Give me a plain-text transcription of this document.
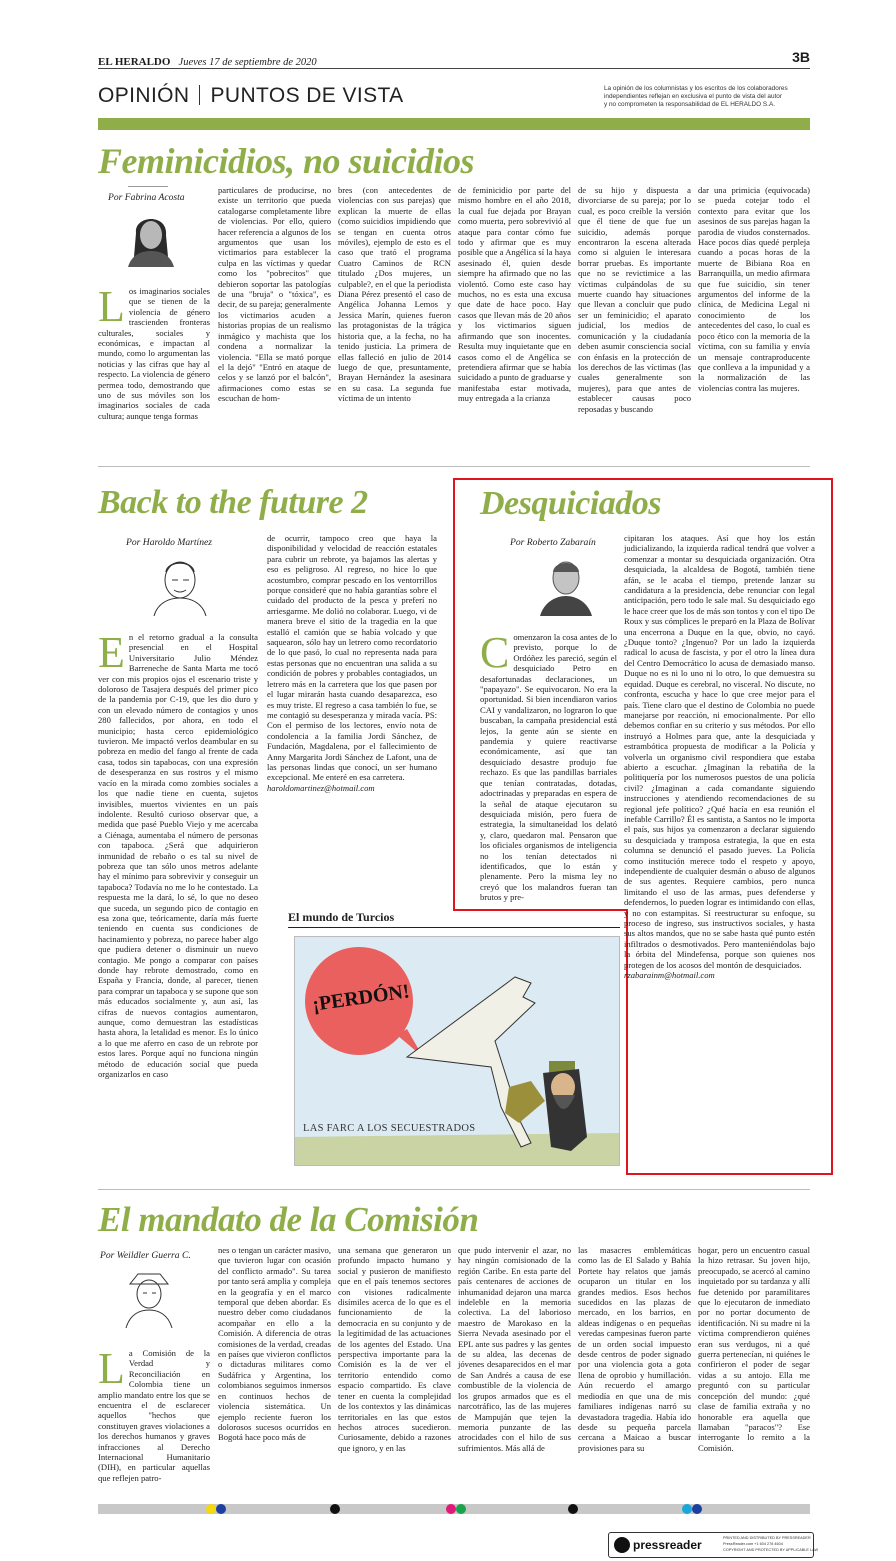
EL HERALDO Jueves 17 de septiembre de 2020	3B
OPINIÓN PUNTOS DE VISTA	La opinión de los columnistas y los escritos de los colaboradores
independientes reflejan en exclusiva el punto de vista del autor
y no comprometen la responsabilidad de EL HERALDO S.A.
Feminicidios, no suicidios
Por Fabrina Acosta
Los imaginarios sociales que se tienen de la violencia de género trascienden fronteras culturales, sociales y económicas, e impactan al mundo, como lo argumentan las noticias y las cifras que hay al respecto. La violencia de género permea todo, demostrando que uno de sus móviles son los imaginarios sociales de cada cultura; aunque tenga formas

particulares de producirse, no existe un territorio que pueda catalogarse completamente libre de violencias. Por ello, quiero hacer referencia a algunos de los argumentos que usan los victimarios para establecer la culpa en las víctimas y quedar como los "pobrecitos" que debieron soportar las patologías de una "bruja" o "tóxica", es decir, de su pareja; generalmente los victimarios acuden a historias propias de un realismo inmágico y machista que los condena a normalizar la violencia. "Ella se mató porque el la dejó" "Entró en ataque de celos y se lanzó por el balcón", afirmaciones como estas se escuchan de hom-

bres (con antecedentes de violencias con sus parejas) que explican la muerte de ellas (como suicidios impidiendo que se tengan en cuenta otros móviles), ejemplo de esto es el caso que trató el programa Cuatro Caminos de RCN titulado ¿Dos mujeres, un culpable?, en el que la periodista Diana Pérez presentó el caso de Angélica Johanna Lemos y Jessica Marín, quienes fueron las protagonistas de la trágica historia que, a la fecha, no ha tenido justicia. La primera de ellas falleció en julio de 2014 luego de que, presuntamente, Brayan Hernández la asesinara en su casa. La segunda fue víctima de un intento

de feminicidio por parte del mismo hombre en el año 2018, la cual fue dejada por Brayan como muerta, pero sobrevivió al ataque para contar cómo fue todo y afirmar que es muy posible que a Angélica sí la haya asesinado él, quien desde siempre ha afirmado que no las violentó. Como este caso hay muchos, no es esta una excusa que date de hace poco. Hay casos que llevan más de 20 años y los victimarios siguen afirmando que son inocentes. Resulta muy inquietante que en casos como el de Angélica se pretendiera afirmar que se había suicidado a punto de graduarse y manifestaba estar motivada, muy entregada a la crianza

de su hijo y dispuesta a divorciarse de su pareja; por lo cual, es poco creíble la versión que él tiene de que fue un suicidio, además porque encontraron la escena alterada como si alguien le interesara borrar pruebas. Es importante que no se revictimice a las víctimas culpándolas de su muerte cuando hay situaciones que llevan a concluir que pudo ser un feminicidio; el aparato judicial, los medios de comunicación y la ciudadanía deben asumir consciencia social con énfasis en la protección de los derechos de las víctimas (las cuales generalmente son mujeres), para que antes de establecer causas poco reposadas y buscando

dar una primicia (equivocada) se pueda cotejar todo el contexto para evitar que los asesinos de sus parejas hagan la parodia de viudos consternados. Hace pocos días quedé perpleja cuando a pocas horas de la muerte de Bibiana Roa en Barranquilla, un medio afirmara que fue suicidio, sin tener argumentos del informe de la clínica, de Medicina Legal ni conocimiento de los antecedentes del caso, lo cual es poco ético con la memoria de la víctima, con su familia y envía un mensaje contraproducente que conlleva a la impunidad y a la normalización de las violencias contra las mujeres.

Back to the future 2
Por Haroldo Martínez
En el retorno gradual a la consulta presencial en el Hospital Universitario Julio Méndez Barreneche de Santa Marta me tocó ver con mis propios ojos el escenario triste y doloroso de Tasajera después del primer pico de la pandemia por C-19, que les dio duro y con un elevado número de contagios y unos 280 fallecidos, por ahora, en todo el municipio; hasta cerco epidemiológico tuvieron. Me impactó verlos deambular en su pobreza en medio del fango al frente de cada casa, todos sin tapabocas, con una expresión de desesperanza en sus rostros y el mismo vacío en la mirada como zombies sociales a los que nadie tiene en cuenta, sujetos invisibles, muertos vivientes en un país indolente. Resultó curioso observar que, a medida que pasé Pueblo Viejo y me acercaba a Ciénaga, aumentaba el número de personas con tapaboca. ¿Será que adquirieron inmunidad de rebaño o es tal su nivel de pobreza que tan sólo unos metros adelante hay el mínimo para sobrevivir y conseguir un tapaboca? Todavía no me lo he contestado. La respuesta me la dará, lo sé, lo que no deseo que suceda, un segundo pico de contagio en esa zona que, teóricamente, daría más fuerte teniendo en cuenta sus condiciones de hacinamiento y pobreza, no parece haber algo que pudiera detener o disminuir un nuevo contagio. Me pongo a comparar con países donde hay rebrote demostrado, como en España y Francia, donde, al parecer, tienen para comprar un tapaboca y se supone que son más educados socialmente y, aun así, las cifras de nuevos contagios aumentaron, aunque, como demuestran las estadísticas hasta ahora, la letalidad es menor. Es lo único a lo que me aferro en caso de un rebrote por estos lares. Porque aquí no funciona ningún método de educación social que pueda organizarlos en caso

de ocurrir, tampoco creo que haya la disponibilidad y velocidad de reacción estatales para cubrir un rebrote, ya bajamos las alertas y eso es peligroso. Al regreso, no hice lo que acostumbro, comprar pescado en los ventorrillos porque consideré que no había garantías sobre el cuidado del producto de la pesca y preferí no arriesgarme. Me dolió no colaborar. Luego, vi de manera breve el sitio de la tragedia en la que estalló el camión que se había volcado y que saquearon, sólo hay un letrero como recordatorio de lo que pasó, lo cual no representa nada para estas personas que no encuentran una salida a su condición de pobres y probables contagiados, un letrero más en la carretera que los que pasen por el lugar mirarán hasta cuando desaparezca, eso es muy triste. El regreso a casa también lo fue, se me contagió su desesperanza y mirada vacía. PS: Con el permiso de los lectores, envío nota de condolencia a la familia Jordi Sánchez, de Fundación, Magdalena, por el fallecimiento de Anny Margarita Jordi Sánchez de Lafont, una de las personas lindas que conocí, un ser humano excepcional. Me enteré en esa carretera.

haroldomartinez@hotmail.com

El mundo de Turcios
¡PERDÓN!
LAS FARC A LOS SECUESTRADOS
Desquiciados
Por Roberto Zabaraín
Comenzaron la cosa antes de lo previsto, porque lo de Ordóñez les pareció, según el desquiciado Petro en desafortunadas declaraciones, un "papayazo". Se equivocaron. No era la oportunidad. Si bien incendiaron varios CAI y vandalizaron, no lograron lo que buscaban, la campaña presidencial está lejos, la gente aún se siente en pandemia y quiere reactivarse económicamente, así que tan desquiciado desastre produjo fue rechazo. Es que las pandillas barriales que tenían contratadas, dotadas, adoctrinadas y preparadas en espera de la señal de ataque ejecutaron su desquiciada misión, pero fuera de estrategia, la simultaneidad los delató y, claro, quedaron mal. Pensaron que los oficiales organismos de inteligencia no los tenían detectados ni identificados, que lo están y plenamente. Pero la misma ley no creyó que los malandros fueran tan brutos y pre-

cipitaran los ataques. Así que hoy los están judicializando, la izquierda radical tendrá que volver a comenzar a montar su desquiciada organización. Otra desquiciada, la alcaldesa de Bogotá, también tiene afán, se le acaba el tiempo, pretende lanzar su candidatura a la presidencia, debe renunciar con legal anticipación, pero todo le sale mal. Su desquiciado ego le hace creer que los de más son tontos y con el tipo De Roux y sus cómplices le preparó en la Plaza de Bolívar una encerrona a Duque en la que, obvio, no cayó. ¿Duque tonto? ¿Ingenuo? Por un lado la izquierda radical lo acusa de fascista, y por el otro la línea dura del Centro Democrático lo acusa de demasiado manso. Duque no es ni lo uno ni lo otro, lo que demuestra su equidad. Duque es cerebral, no visceral. No discute, no confronta, escucha y hace lo que cree mejor para el país. Tiene claro que el destino de Colombia no puede manejarse por reacción, ni emocionalmente. Por ello debemos confiar en su criterio y sus métodos. Por ello instruyó a Holmes para que, ante la desquiciada y estrambótica propuesta de modificar a la Policía y volverla un organismo civil respondiera que estaba abierto a escuchar. ¿Imaginan la rebatiña de la politiquería por los numerosos puestos de una policía civil? ¿Imaginan a cada comandante siguiendo instrucciones y atendiendo recomendaciones de su regional jefe político? ¿Qué hacía en esa reunión el inefable Carrillo? Él es santista, a Santos no le importa el país, sus hijos ya comenzaron a declarar siguiendo su desquiciada y tramposa estrategia, la que en esta columna se denunció el pasado jueves. La Policía como institución merece todo el respeto y apoyo, independiente de cualquier desmán o abuso de algunos de sus agentes. Requiere cambios, pero nunca limitando el uso de las armas, pues defenderse y defendernos, lo pueden lograr es intimidando con ellas, y no con estampitas. Sí reestructurar su enfoque, su proceso de ingreso, sus instructivos sociales, y hasta sus altos mandos, que no se sabe hasta qué punto estén infiltrados o desmotivados. Pero manteniéndolas bajo la órbita del Mindefensa, porque son quienes nos protegen de los acosos del montón de desquiciados.

rzabarainm@hotmail.com

El mandato de la Comisión
Por Weildler Guerra C.
La Comisión de la Verdad y Reconciliación en Colombia tiene un amplio mandato entre los que se encuentra el de esclarecer aquellos "hechos que constituyen graves violaciones a los derechos humanos y graves infracciones al Derecho Internacional Humanitario (DIH), en particular aquellas que reflejen patro-

nes o tengan un carácter masivo, que tuvieron lugar con ocasión del conflicto armado". Su tarea por tanto será amplia y compleja en la geografía y en el marco temporal que deben abordar. Es nuestro deber como ciudadanos acompañar en ello a la Comisión. A diferencia de otras comisiones de la verdad, creadas en países que vivieron conflictos o dictaduras militares como Sudáfrica y Argentina, los colombianos seguimos inmersos en continuos hechos de violencia sistemática. Un ejemplo reciente fueron los dolorosos sucesos ocurridos en Bogotá hace poco más de

una semana que generaron un profundo impacto humano y social y pusieron de manifiesto que en el país tenemos sectores con visiones radicalmente disímiles acerca de lo que es el funcionamiento de la democracia en su conjunto y de la legitimidad de las actuaciones de los agentes del Estado. Una perspectiva importante para la Comisión es la de ver el territorio entendido como espacio compartido. Es clave tener en cuenta la complejidad de los contextos y las dinámicas territoriales en las que estos hechos atroces sucedieron. Curiosamente, debido a razones que ignoro, y en las

que pudo intervenir el azar, no hay ningún comisionado de la región Caribe. En esta parte del país centenares de acciones de inhumanidad dejaron una marca indeleble en la memoria colectiva. La del laborioso maestro de Marokaso en la Sierra Nevada asesinado por el EPL ante sus padres y las gentes de su aldea, las decenas de jóvenes desaparecidos en el mar de San Andrés a causa de ese combustible de la violencia de los grupos armados que es el narcotráfico, las de las mujeres de Mampuján que tejen la memoria punzante de las atrocidades con el hilo de sus sufrimientos. Más allá de

las masacres emblemáticas como las de El Salado y Bahía Portete hay relatos que jamás ocuparon un titular en los grandes medios. Esos hechos sucedidos en las plazas de mercado, en los barrios, en aldeas indígenas o en pequeñas veredas campesinas fueron parte de un orden social impuesto desde centros de poder signado por una violencia gota a gota llena de oprobio y humillación. Aún recuerdo el amargo mediodía en que una de mis familiares indígenas narró su devastadora tragedia. Había ido desde su pequeña parcela cercana a Maicao a buscar provisiones para su

hogar, pero un encuentro casual la hizo retrasar. Su joven hijo, preocupado, se acercó al camino inquietado por su tardanza y allí fue detenido por paramilitares que lo ejecutaron de inmediato por no portar documento de identificación. Ni su madre ni la víctima comprendieron quiénes eran sus verdugos, ni a qué guerra pertenecían, ni quiénes le confirieron el poder de segar vidas a su antojo. Ella me preguntó con su particular concepción del mundo: ¿qué clase de familia extraña y no honorable era aquella que llamaban "paracos"? Ese interrogante lo remito a la Comisión.

pressreader	PRINTED AND DISTRIBUTED BY PRESSREADER
PressReader.com +1 604 278 4604
COPYRIGHT AND PROTECTED BY APPLICABLE LAW
